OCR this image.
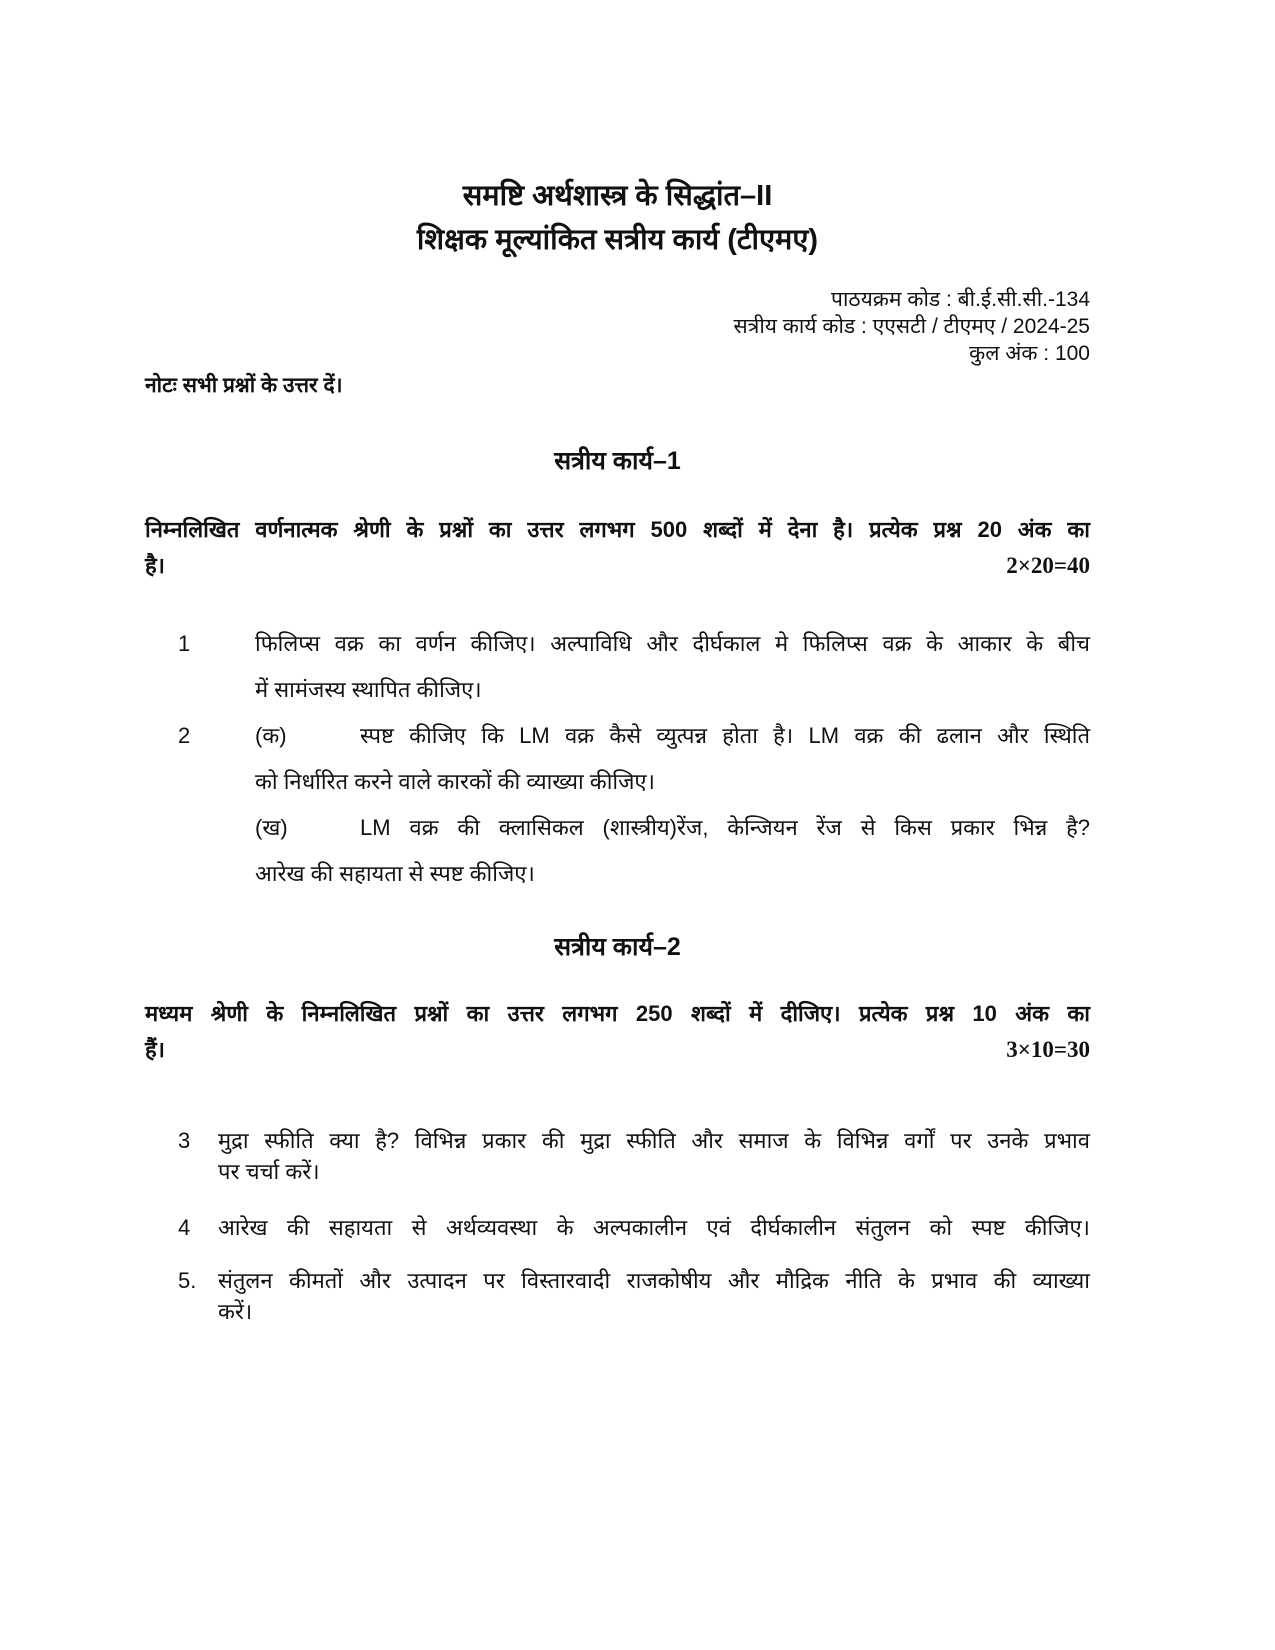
समष्टि अर्थशास्त्र के सिद्धांत–II
शिक्षक मूल्यांकित सत्रीय कार्य (टीएमए)
पाठयक्रम कोड : बी.ई.सी.सी.-134
सत्रीय कार्य कोड : एएसटी / टीएमए / 2024-25
कुल अंक : 100
नोटः सभी प्रश्नों के उत्तर दें।
सत्रीय कार्य–1
निम्नलिखित वर्णनात्मक श्रेणी के प्रश्नों का उत्तर लगभग 500 शब्दों में देना है। प्रत्येक प्रश्न 20 अंक का
है।	2×20=40
1	फिलिप्स वक्र का वर्णन कीजिए। अल्पाविधि और दीर्घकाल मे फिलिप्स वक्र के आकार के बीच
में सामंजस्य स्थापित कीजिए।
2	(क)	स्पष्ट कीजिए कि LM वक्र कैसे व्युत्पन्न होता है। LM वक्र की ढलान और स्थिति
को निर्धारित करने वाले कारकों की व्याख्या कीजिए।
(ख)	LM वक्र की क्लासिकल (शास्त्रीय)रेंज, केन्जियन रेंज से किस प्रकार भिन्न है?
आरेख की सहायता से स्पष्ट कीजिए।
सत्रीय कार्य–2
मध्यम श्रेणी के निम्नलिखित प्रश्नों का उत्तर लगभग 250 शब्दों में दीजिए। प्रत्येक प्रश्न 10 अंक का
हैं।	3×10=30
3	मुद्रा स्फीति क्या है? विभिन्न प्रकार की मुद्रा स्फीति और समाज के विभिन्न वर्गों पर उनके प्रभाव
पर चर्चा करें।
4	आरेख की सहायता से अर्थव्यवस्था के अल्पकालीन एवं दीर्घकालीन संतुलन को स्पष्ट कीजिए।
5. संतुलन कीमतों और उत्पादन पर विस्तारवादी राजकोषीय और मौद्रिक नीति के प्रभाव की व्याख्या
करें।
